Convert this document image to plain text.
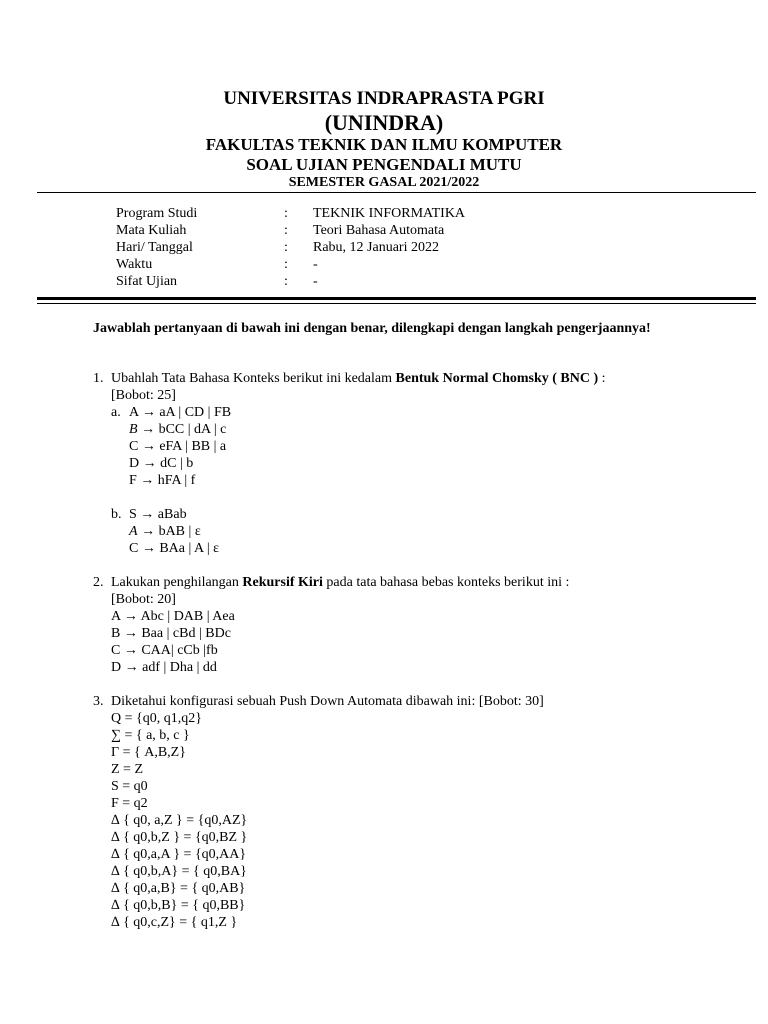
UNIVERSITAS INDRAPRASTA PGRI
(UNINDRA)
FAKULTAS TEKNIK DAN ILMU KOMPUTER
SOAL UJIAN PENGENDALI MUTU
SEMESTER GASAL 2021/2022
Program Studi	: TEKNIK INFORMATIKA
Mata Kuliah	: Teori Bahasa Automata
Hari/ Tanggal	: Rabu, 12 Januari 2022
Waktu	: -
Sifat Ujian	: -
Jawablah pertanyaan di bawah ini dengan benar, dilengkapi dengan langkah pengerjaannya!
1. Ubahlah Tata Bahasa Konteks berikut ini kedalam Bentuk Normal Chomsky ( BNC ) :
[Bobot: 25]
a. A → aA | CD | FB
B → bCC | dA | c
C → eFA | BB | a
D → dC | b
F → hFA | f
b. S → aBab
A → bAB | ε
C → BAa | A | ε
2. Lakukan penghilangan Rekursif Kiri pada tata bahasa bebas konteks berikut ini :
[Bobot: 20]
A → Abc | DAB | Aea
B → Baa | cBd | BDc
C → CAA| cCb |fb
D → adf | Dha | dd
3. Diketahui konfigurasi sebuah Push Down Automata dibawah ini: [Bobot: 30]
Q = {q0, q1,q2}
∑ = { a, b, c }
Γ = { A,B,Z}
Z = Z
S = q0
F = q2
∆ { q0, a,Z } = {q0,AZ}
∆ { q0,b,Z } = {q0,BZ }
∆ { q0,a,A } = {q0,AA}
∆ { q0,b,A} = { q0,BA}
∆ { q0,a,B} = { q0,AB}
∆ { q0,b,B} = { q0,BB}
∆ { q0,c,Z} = { q1,Z }
